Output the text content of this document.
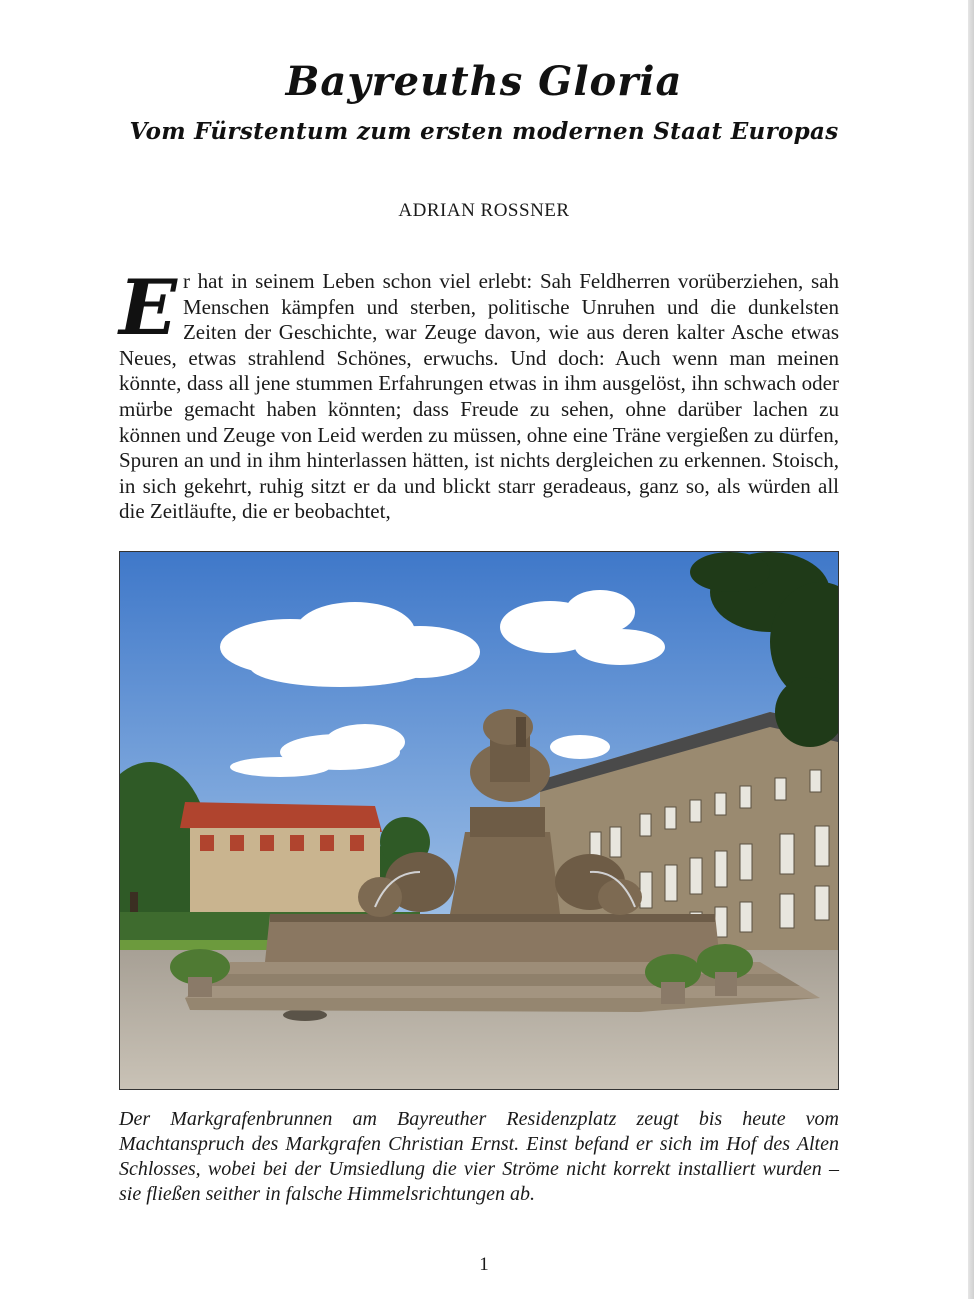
Bayreuths Gloria
Vom Fürstentum zum ersten modernen Staat Europas
ADRIAN ROSSNER

Er hat in seinem Leben schon viel erlebt: Sah Feldherren vorüberziehen, sah Menschen kämpfen und sterben, politische Unruhen und die dunkelsten Zeiten der Geschichte, war Zeuge davon, wie aus deren kalter Asche etwas Neues, etwas strahlend Schönes, erwuchs. Und doch: Auch wenn man meinen könnte, dass all jene stummen Erfahrungen etwas in ihm ausgelöst, ihn schwach oder mürbe gemacht haben könnten; dass Freude zu sehen, ohne darüber lachen zu können und Zeuge von Leid werden zu müssen, ohne eine Träne vergießen zu dürfen, Spuren an und in ihm hinterlassen hätten, ist nichts dergleichen zu erkennen. Stoisch, in sich gekehrt, ruhig sitzt er da und blickt starr geradeaus, ganz so, als würden all die Zeitläufte, die er beobachtet,

Der Markgrafenbrunnen am Bayreuther Residenzplatz zeugt bis heute vom Machtanspruch des Markgrafen Christian Ernst. Einst befand er sich im Hof des Alten Schlosses, wobei bei der Umsiedlung die vier Ströme nicht korrekt installiert wurden – sie fließen seither in falsche Himmelsrichtungen ab.

1
